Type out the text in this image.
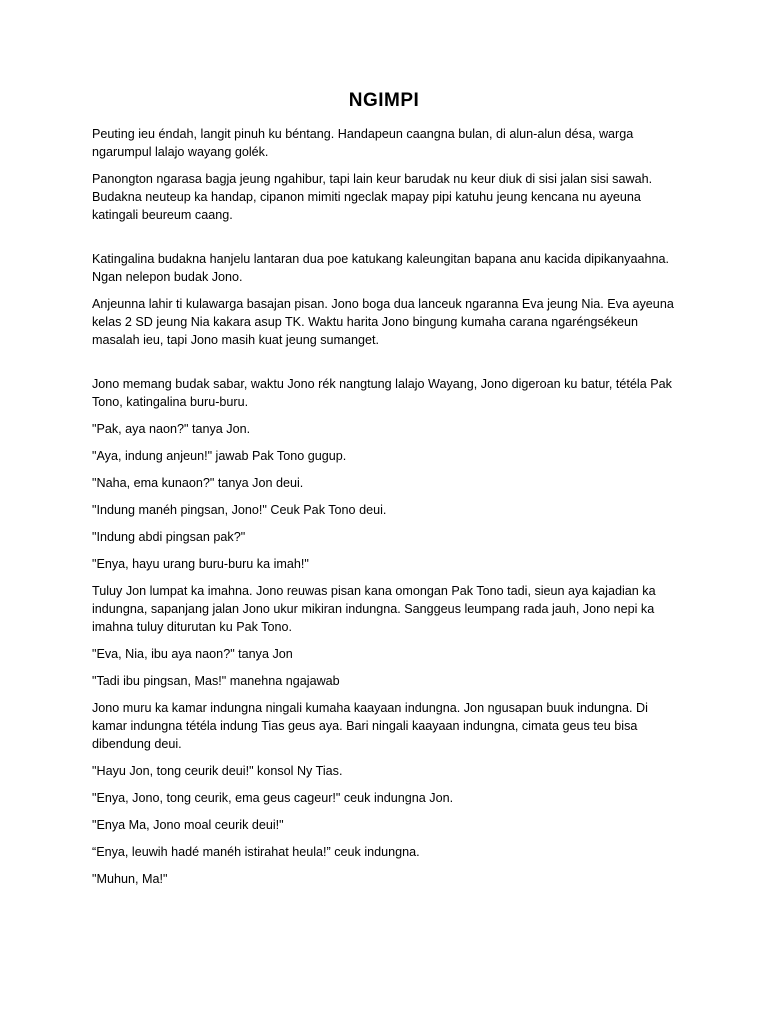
NGIMPI

Peuting ieu éndah, langit pinuh ku béntang. Handapeun caangna bulan, di alun-alun désa, warga ngarumpul lalajo wayang golék.

Panongton ngarasa bagja jeung ngahibur, tapi lain keur barudak nu keur diuk di sisi jalan sisi sawah. Budakna neuteup ka handap, cipanon mimiti ngeclak mapay pipi katuhu jeung kencana nu ayeuna katingali beureum caang.

Katingalina budakna hanjelu lantaran dua poe katukang kaleungitan bapana anu kacida dipikanyaahna. Ngan nelepon budak Jono.

Anjeunna lahir ti kulawarga basajan pisan. Jono boga dua lanceuk ngaranna Eva jeung Nia. Eva ayeuna kelas 2 SD jeung Nia kakara asup TK. Waktu harita Jono bingung kumaha carana ngaréngsékeun masalah ieu, tapi Jono masih kuat jeung sumanget.

Jono memang budak sabar, waktu Jono rék nangtung lalajo Wayang, Jono digeroan ku batur, tétéla Pak Tono, katingalina buru-buru.

"Pak, aya naon?" tanya Jon.

"Aya, indung anjeun!" jawab Pak Tono gugup.

"Naha, ema kunaon?" tanya Jon deui.

"Indung manéh pingsan, Jono!" Ceuk Pak Tono deui.

"Indung abdi pingsan pak?"

"Enya, hayu urang buru-buru ka imah!"

Tuluy Jon lumpat ka imahna. Jono reuwas pisan kana omongan Pak Tono tadi, sieun aya kajadian ka indungna, sapanjang jalan Jono ukur mikiran indungna. Sanggeus leumpang rada jauh, Jono nepi ka imahna tuluy diturutan ku Pak Tono.

"Eva, Nia, ibu aya naon?" tanya Jon

"Tadi ibu pingsan, Mas!" manehna ngajawab

Jono muru ka kamar indungna ningali kumaha kaayaan indungna. Jon ngusapan buuk indungna. Di kamar indungna tétéla indung Tias geus aya. Bari ningali kaayaan indungna, cimata geus teu bisa dibendung deui.

"Hayu Jon, tong ceurik deui!" konsol Ny Tias.

"Enya, Jono, tong ceurik, ema geus cageur!" ceuk indungna Jon.

"Enya Ma, Jono moal ceurik deui!"

“Enya, leuwih hadé manéh istirahat heula!” ceuk indungna.

"Muhun, Ma!"
